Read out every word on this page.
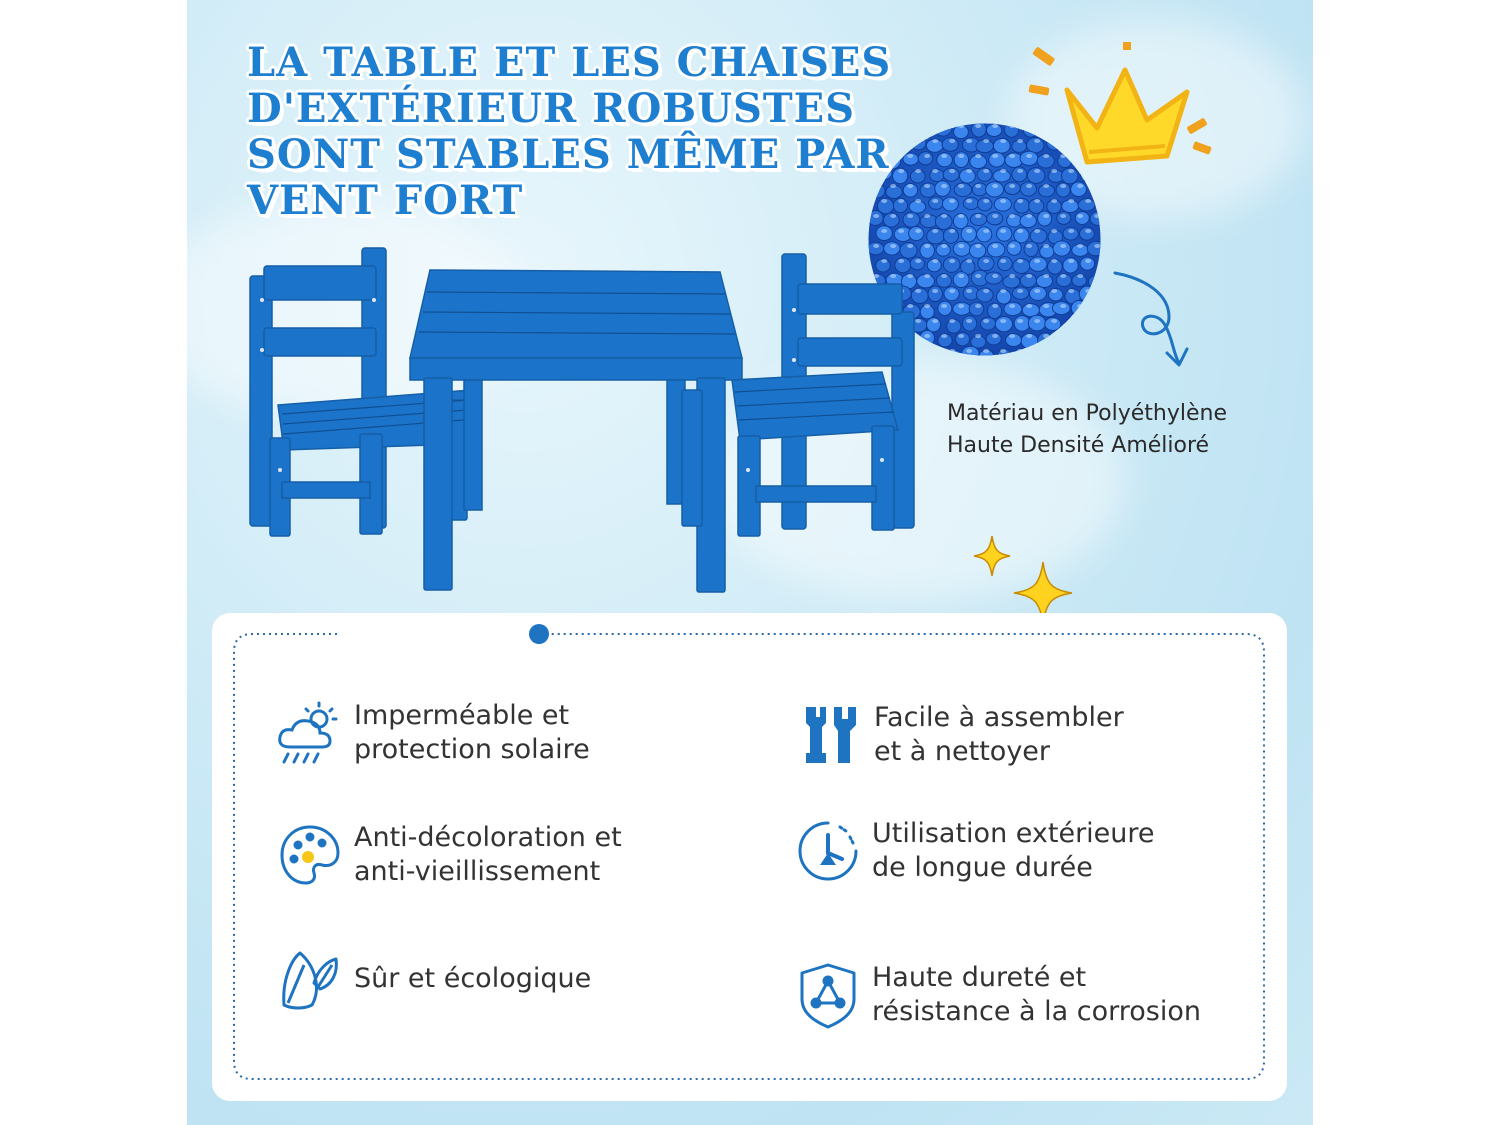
LA TABLE ET LES CHAISES
D'EXTÉRIEUR ROBUSTES
SONT STABLES MÊME PAR
VENT FORT
Matériau en Polyéthylène
Haute Densité Amélioré
Imperméable et
protection solaire
Facile à assembler
et à nettoyer
Anti-décoloration et
anti-vieillissement
Utilisation extérieure
de longue durée
Sûr et écologique	Haute dureté et
résistance à la corrosion
